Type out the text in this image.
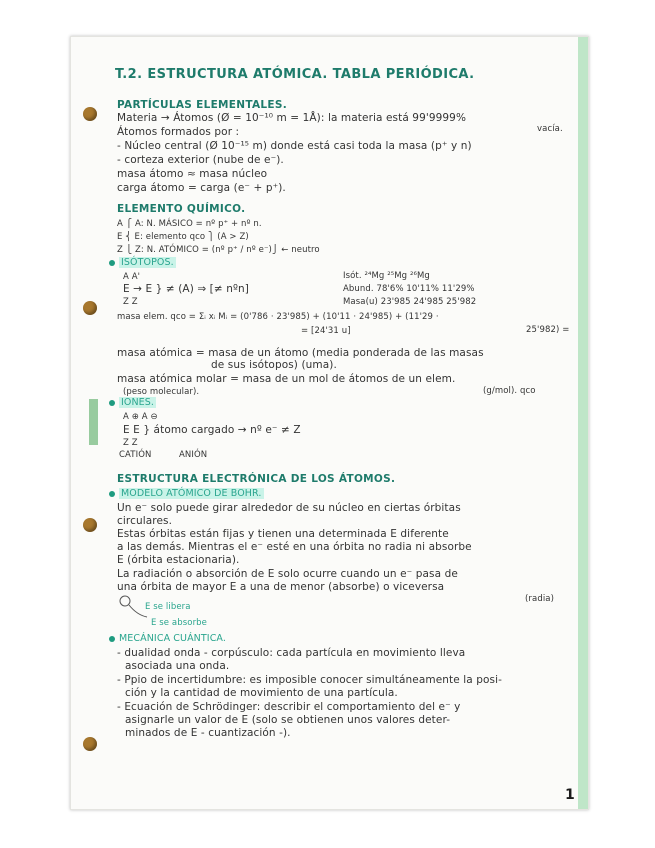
T.2. ESTRUCTURA ATÓMICA. TABLA PERIÓDICA.
PARTÍCULAS ELEMENTALES.
Materia → Átomos (Ø = 10⁻¹⁰ m = 1Å): la materia está 99'9999%
vacía.
Átomos formados por :
- Núcleo central (Ø 10⁻¹⁵ m) donde está casi toda la masa (p⁺ y n)
- corteza exterior (nube de e⁻).
masa átomo ≈ masa núcleo
carga átomo = carga (e⁻ + p⁺).
ELEMENTO QUÍMICO.
A ⎧ A: N. MÁSICO = nº p⁺ + nº n.
E ⎨ E: elemento qco ⎫ (A > Z)
Z ⎩ Z: N. ATÓMICO = (nº p⁺ / nº e⁻)⎭ ← neutro
ISÓTOPOS.
A A'
E → E } ≠ (A) ⇒ [≠ nºn]
Z Z
Isót. ²⁴Mg ²⁵Mg ²⁶Mg
Abund. 78'6% 10'11% 11'29%
Masa(u) 23'985 24'985 25'982
masa elem. qco = Σᵢ xᵢ Mᵢ = (0'786 · 23'985) + (10'11 · 24'985) + (11'29 ·
25'982) =
= [24'31 u]
masa atómica = masa de un átomo (media ponderada de las masas
de sus isótopos) (uma).
masa atómica molar = masa de un mol de átomos de un elem.
(peso molecular).	(g/mol). qco
IONES.
A ⊕ A ⊖
E E } átomo cargado → nº e⁻ ≠ Z
Z Z
CATIÓN	ANIÓN
ESTRUCTURA ELECTRÓNICA DE LOS ÁTOMOS.
MODELO ATÓMICO DE BOHR.
Un e⁻ solo puede girar alrededor de su núcleo en ciertas órbitas
circulares.
Estas órbitas están fijas y tienen una determinada E diferente
a las demás. Mientras el e⁻ esté en una órbita no radia ni absorbe
E (órbita estacionaria).
La radiación o absorción de E solo ocurre cuando un e⁻ pasa de
una órbita de mayor E a una de menor (absorbe) o viceversa
(radia)
E se libera
E se absorbe
MECÁNICA CUÁNTICA.
- dualidad onda - corpúsculo: cada partícula en movimiento lleva
asociada una onda.
- Ppio de incertidumbre: es imposible conocer simultáneamente la posi-
ción y la cantidad de movimiento de una partícula.
- Ecuación de Schrödinger: describir el comportamiento del e⁻ y
asignarle un valor de E (solo se obtienen unos valores deter-
minados de E - cuantización -).
1
